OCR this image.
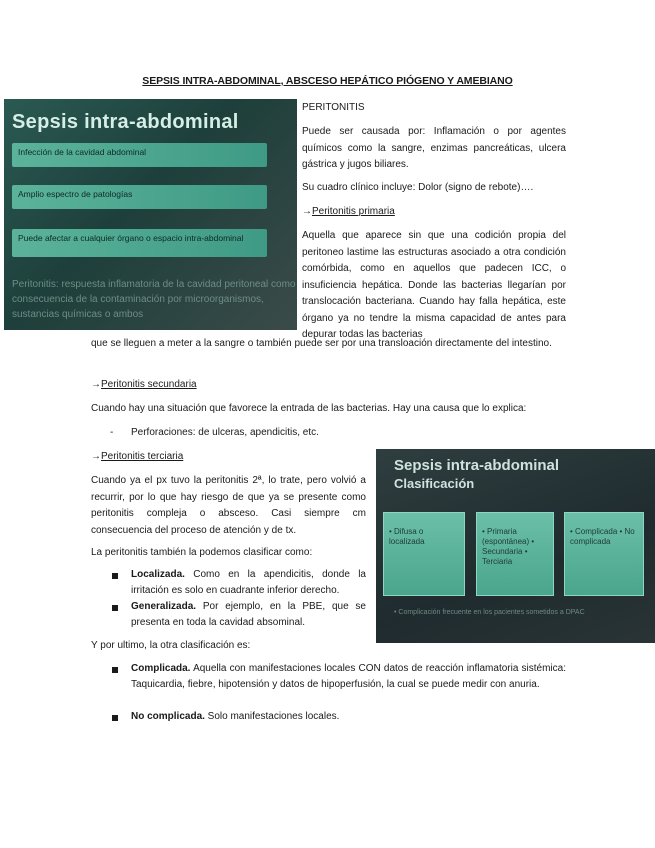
SEPSIS INTRA-ABDOMINAL, ABSCESO HEPÁTICO PIÓGENO Y AMEBIANO
Sepsis intra-abdominal
Infección de la cavidad abdominal
Amplio espectro de patologías
Puede afectar a cualquier órgano o espacio intra-abdominal
Peritonitis: respuesta inflamatoria de la cavidad peritoneal como consecuencia de la contaminación por microorganismos, sustancias químicas o ambos
PERITONITIS
Puede ser causada por: Inflamación o por agentes químicos como la sangre, enzimas pancreáticas, ulcera gástrica y jugos biliares.
Su cuadro clínico incluye: Dolor (signo de rebote)….
→Peritonitis primaria
Aquella que aparece sin que una codición propia del peritoneo lastime las estructuras asociado a otra condición comórbida, como en aquellos que padecen ICC, o insuficiencia hepática. Donde las bacterias llegarían por translocación bacteriana. Cuando hay falla hepática, este órgano ya no tendre la misma capacidad de antes para depurar todas las bacterias
que se lleguen a meter a la sangre o también puede ser por una transloación directamente del intestino.
→Peritonitis secundaria
Cuando hay una situación que favorece la entrada de las bacterias. Hay una causa que lo explica:
-	Perforaciones: de ulceras, apendicitis, etc.
→Peritonitis terciaria
Cuando ya el px tuvo la peritonitis 2ª, lo trate, pero volvió a recurrir, por lo que hay riesgo de que ya se presente como peritonitis compleja o absceso. Casi siempre cm consecuencia del proceso de atención y de tx.
Sepsis intra-abdominal
Clasificación
• Difusa o localizada
• Primaria (espontánea) • Secundaria • Terciaria
• Complicada • No complicada
• Complicación frecuente en los pacientes sometidos a DPAC
La peritonitis también la podemos clasificar como:
Localizada. Como en la apendicitis, donde la irritación es solo en cuadrante inferior derecho.
Generalizada. Por ejemplo, en la PBE, que se presenta en toda la cavidad absominal.
Y por ultimo, la otra clasificación es:
Complicada. Aquella con manifestaciones locales CON datos de reacción inflamatoria sistémica: Taquicardia, fiebre, hipotensión y datos de hipoperfusión, la cual se puede medir con anuria.
No complicada. Solo manifestaciones locales.
